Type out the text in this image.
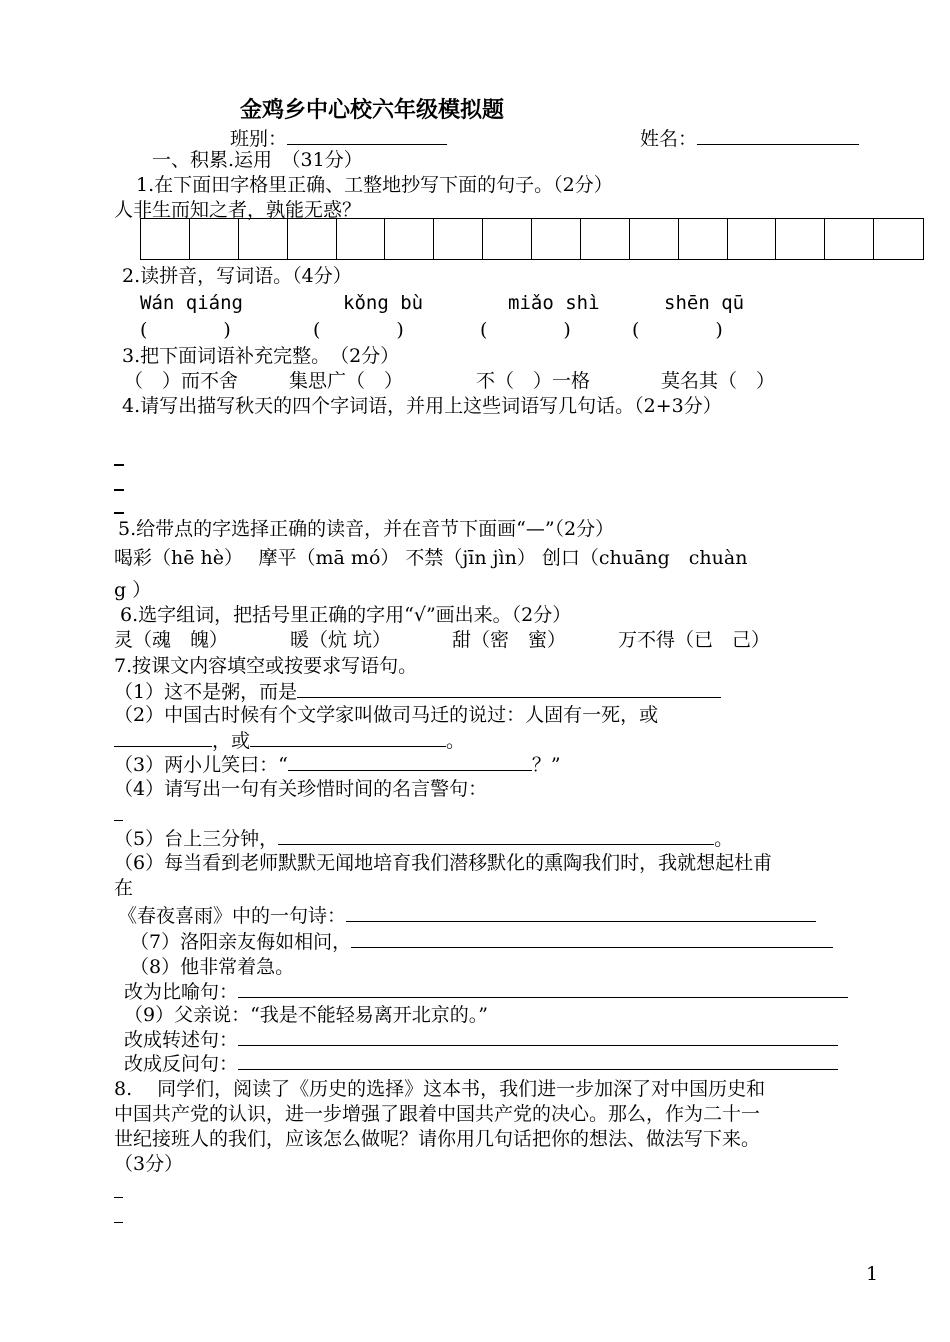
金鸡乡中心校六年级模拟题
班别：	姓名：
一、积累.运用　（31分）
1.在下面田字格里正确、工整地抄写下面的句子。（2分）
人非生而知之者，孰能无惑？
2.读拼音，写词语。（4分）
Wán qiáng	kǒng bù	miǎo shì	shēn qū
(　　　　)	(　　　　)	(　　　　)	(　　　　)
3.把下面词语补充完整。　（2分）
（　）而不舍	集思广（　）	不（　）一格	莫名其（　）
4.请写出描写秋天的四个字词语，并用上这些词语写几句话。（2+3分）
5.给带点的字选择正确的读音，并在音节下面画“—”（2分）
喝彩（hē hè）　 摩平（mā mó） 不禁（jīn jìn） 创口（chuāng　chuàn
g ）
6.选字组词，把括号里正确的字用“√”画出来。（2分）
灵（魂　魄）	暖（炕 坑）	甜（密　蜜）	万不得（已　己）
7.按课文内容填空或按要求写语句。
（1）这不是粥，而是
（2）中国古时候有个文学家叫做司马迁的说过：人固有一死，或
，或	。
（3）两小儿笑曰：“	？”
（4）请写出一句有关珍惜时间的名言警句：
（5）台上三分钟，	。
（6）每当看到老师默默无闻地培育我们潜移默化的熏陶我们时，我就想起杜甫
在
《春夜喜雨》中的一句诗：
（7）洛阳亲友侮如相问，
（8）他非常着急。
改为比喻句：
（9）父亲说：“我是不能轻易离开北京的。”
改成转述句：
改成反问句：
8.　 同学们，阅读了《历史的选择》这本书，我们进一步加深了对中国历史和
中国共产党的认识，进一步增强了跟着中国共产党的决心。那么，作为二十一
世纪接班人的我们，应该怎么做呢？请你用几句话把你的想法、做法写下来。
（3分）
1
